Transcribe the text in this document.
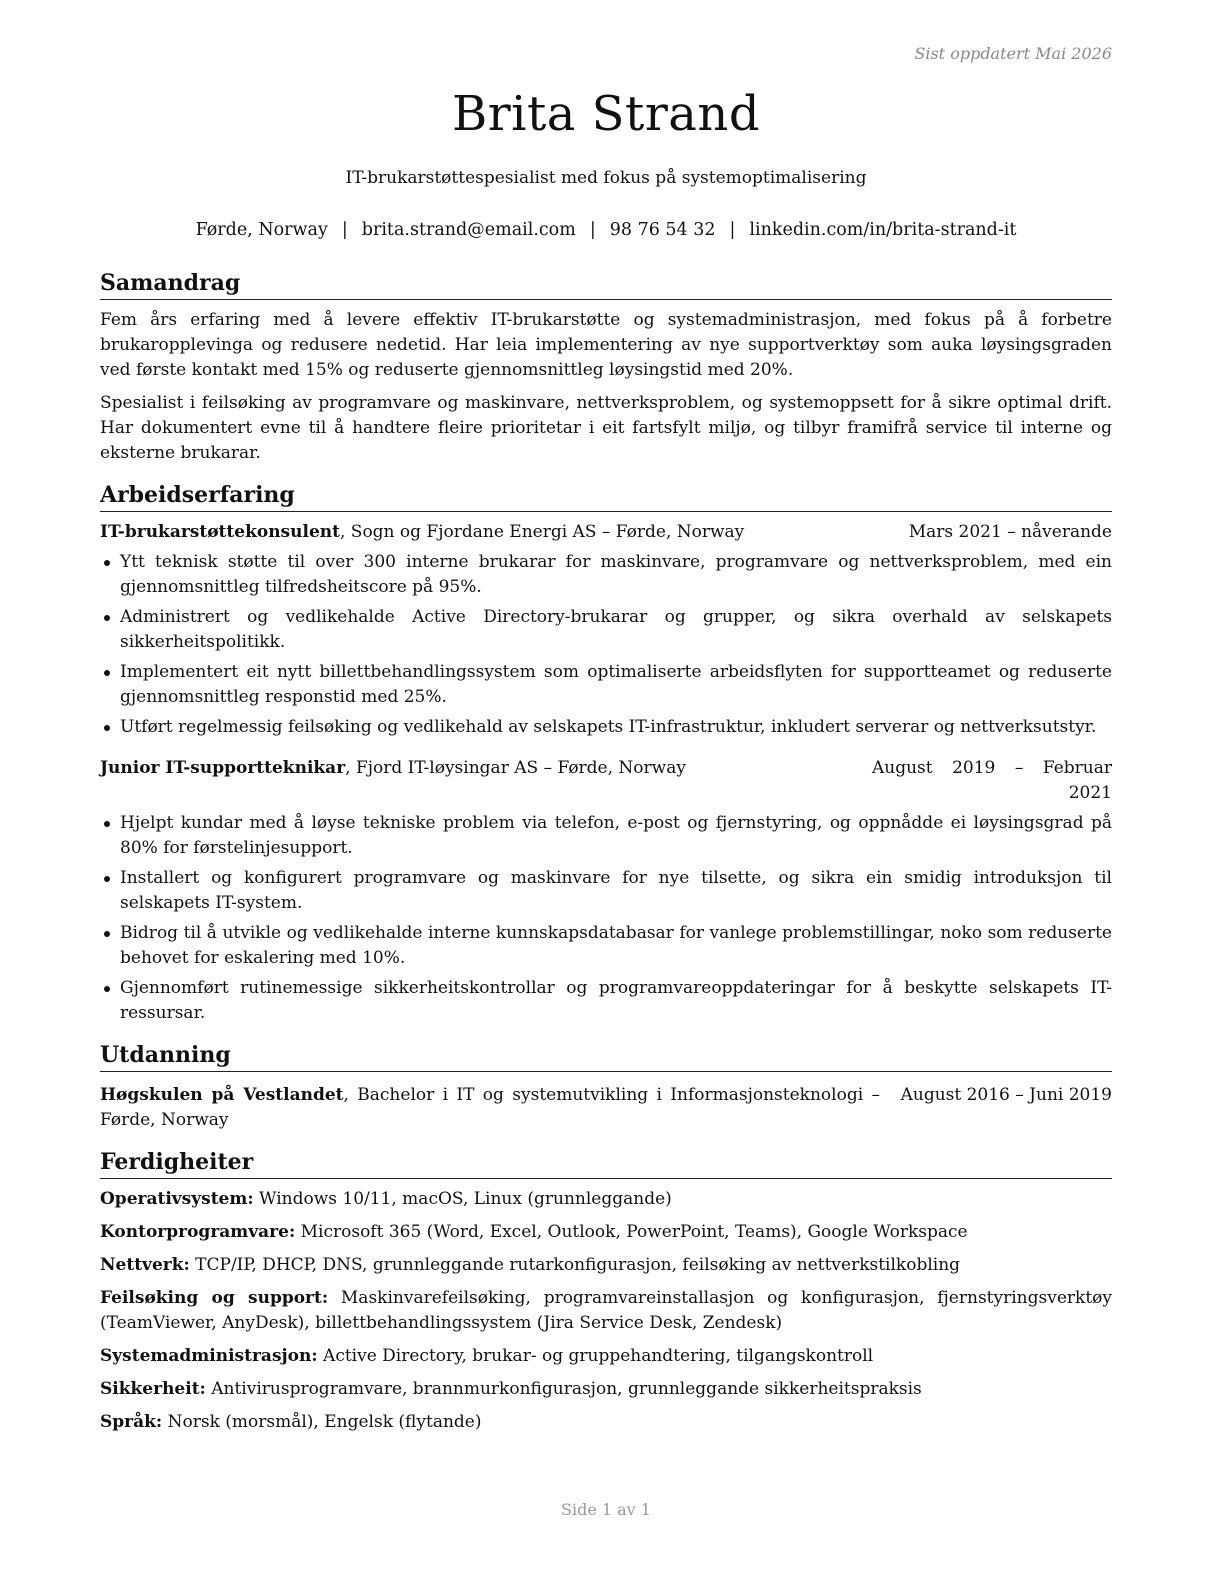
Sist oppdatert Mai 2026
Brita Strand
IT-brukarstøttespesialist med fokus på systemoptimalisering
Førde, Norway | brita.strand@email.com | 98 76 54 32 | linkedin.com/in/brita-strand-it
Samandrag

Fem års erfaring med å levere effektiv IT-brukarstøtte og systemadministrasjon, med fokus på å forbetre brukaropplevinga og redusere nedetid. Har leia implementering av nye supportverktøy som auka løysingsgraden ved første kontakt med 15% og reduserte gjennomsnittleg løysingstid med 20%.

Spesialist i feilsøking av programvare og maskinvare, nettverksproblem, og systemoppsett for å sikre optimal drift. Har dokumentert evne til å handtere fleire prioritetar i eit fartsfylt miljø, og tilbyr framifrå service til interne og eksterne brukarar.

Arbeidserfaring
IT-brukarstøttekonsulent, Sogn og Fjordane Energi AS – Førde, Norway	Mars 2021 – nåverande
Ytt teknisk støtte til over 300 interne brukarar for maskinvare, programvare og nettverksproblem, med ein gjennomsnittleg tilfredsheitscore på 95%.
Administrert og vedlikehalde Active Directory-brukarar og grupper, og sikra overhald av selskapets sikkerheitspolitikk.
Implementert eit nytt billettbehandlingssystem som optimaliserte arbeidsflyten for supportteamet og reduserte gjennomsnittleg responstid med 25%.
Utført regelmessig feilsøking og vedlikehald av selskapets IT-infrastruktur, inkludert serverar og nettverksutstyr.
Junior IT-supportteknikar, Fjord IT-løysingar AS – Førde, Norway	August 2019 – Februar 2021
Hjelpt kundar med å løyse tekniske problem via telefon, e-post og fjernstyring, og oppnådde ei løysingsgrad på 80% for førstelinjesupport.
Installert og konfigurert programvare og maskinvare for nye tilsette, og sikra ein smidig introduksjon til selskapets IT-system.
Bidrog til å utvikle og vedlikehalde interne kunnskapsdatabasar for vanlege problemstillingar, noko som reduserte behovet for eskalering med 10%.
Gjennomført rutinemessige sikkerheitskontrollar og programvareoppdateringar for å beskytte selskapets IT-ressursar.
Utdanning
Høgskulen på Vestlandet, Bachelor i IT og systemutvikling i Informasjonsteknologi – Førde, Norway
August 2016 – Juni 2019
Ferdigheiter
Operativsystem: Windows 10/11, macOS, Linux (grunnleggande)
Kontorprogramvare: Microsoft 365 (Word, Excel, Outlook, PowerPoint, Teams), Google Workspace
Nettverk: TCP/IP, DHCP, DNS, grunnleggande rutarkonfigurasjon, feilsøking av nettverkstilkobling
Feilsøking og support: Maskinvarefeilsøking, programvareinstallasjon og konfigurasjon, fjernstyringsverktøy (TeamViewer, AnyDesk), billettbehandlingssystem (Jira Service Desk, Zendesk)
Systemadministrasjon: Active Directory, brukar- og gruppehandtering, tilgangskontroll
Sikkerheit: Antivirusprogramvare, brannmurkonfigurasjon, grunnleggande sikkerheitspraksis
Språk: Norsk (morsmål), Engelsk (flytande)
Side 1 av 1
